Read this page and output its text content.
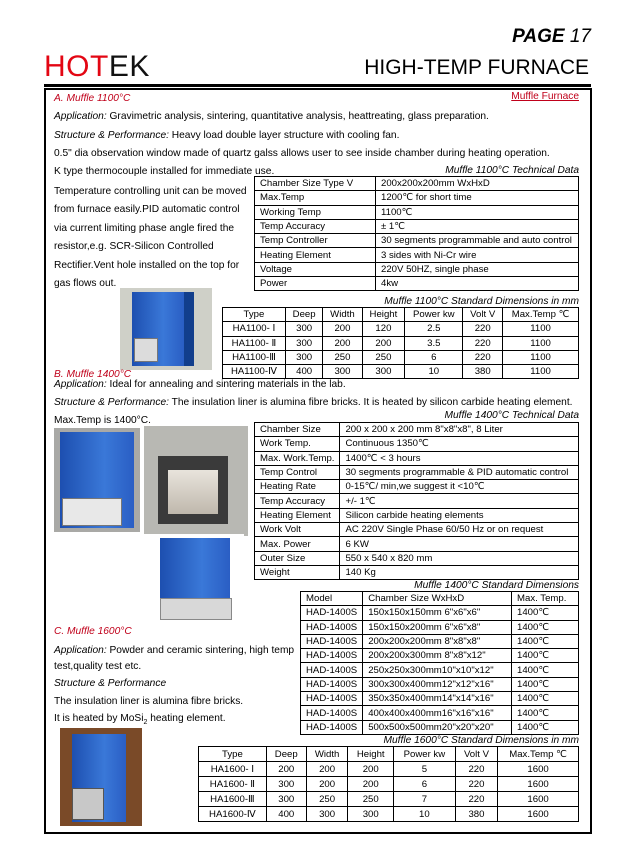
PAGE 17
HOTEK	HIGH-TEMP FURNACE
A. Muffle 1100°C	Muffle Furnace
Application: Gravimetric analysis, sintering, quantitative analysis, heattreating, glass preparation.
Structure & Performance: Heavy load double layer structure with cooling fan.
0.5" dia observation window made of quartz galss allows user to see inside chamber during heating operation.
K type thermocouple installed for immediate use.	Muffle 1100°C Technical Data
Temperature controlling unit can be moved
from furnace easily.PID automatic control
via current limiting phase angle fired the
resistor,e.g. SCR-Silicon Controlled
Rectifier.Vent hole installed on the top for
gas flows out.
Chamber Size Type V	200x200x200mm WxHxD
Max.Temp	1200℃ for short time
Working Temp	1100℃
Temp Accuracy	± 1℃
Temp Controller	30 segments programmable and auto control
Heating Element	3 sides with Ni-Cr wire
Voltage	220V 50HZ, single phase
Power	4kw
Muffle 1100°C Standard Dimensions in mm
Type	Deep	Width	Height	Power kw	Volt V	Max.Temp ℃
HA1100- Ⅰ	300	200	120	2.5	220	1100
HA1100- Ⅱ	300	200	200	3.5	220	1100
HA1100-Ⅲ	300	250	250	6	220	1100
HA1100-Ⅳ	400	300	300	10	380	1100
B. Muffle 1400°C
Application: Ideal for annealing and sintering materials in the lab.
Structure & Performance: The insulation liner is alumina fibre bricks. It is heated by silicon carbide heating element.
Max.Temp is 1400°C.	Muffle 1400°C Technical Data
Chamber Size	200 x 200 x 200 mm 8"x8"x8", 8 Liter
Work Temp.	Continuous 1350℃
Max. Work.Temp.	1400℃ < 3 hours
Temp Control	30 segments programmable & PID automatic control
Heating Rate	0-15℃/ min,we suggest it <10℃
Temp Accuracy	+/- 1℃
Heating Element	Silicon carbide heating elements
Work Volt	AC 220V Single Phase 60/50 Hz or on request
Max. Power	6 KW
Outer Size	550 x 540 x 820 mm
Weight	140 Kg
Muffle 1400°C Standard Dimensions
Model	Chamber Size WxHxD	Max. Temp.
HAD-1400S	150x150x150mm 6"x6"x6"	1400℃
HAD-1400S	150x150x200mm 6"x6"x8"	1400℃
HAD-1400S	200x200x200mm 8"x8"x8"	1400℃
HAD-1400S	200x200x300mm 8"x8"x12"	1400℃
HAD-1400S	250x250x300mm10"x10"x12"	1400℃
HAD-1400S	300x300x400mm12"x12"x16"	1400℃
HAD-1400S	350x350x400mm14"x14"x16"	1400℃
HAD-1400S	400x400x400mm16"x16"x16"	1400℃
HAD-1400S	500x500x500mm20"x20"x20"	1400℃
C. Muffle 1600°C
Application: Powder and ceramic sintering, high temp
test,quality test etc.
Structure & Performance
The insulation liner is alumina fibre bricks.
It is heated by MoSi$_2$ heating element.
Muffle 1600°C Standard Dimensions in mm
Type	Deep	Width	Height	Power kw	Volt V	Max.Temp ℃
HA1600- Ⅰ	200	200	200	5	220	1600
HA1600- Ⅱ	300	200	200	6	220	1600
HA1600-Ⅲ	300	250	250	7	220	1600
HA1600-Ⅳ	400	300	300	10	380	1600
